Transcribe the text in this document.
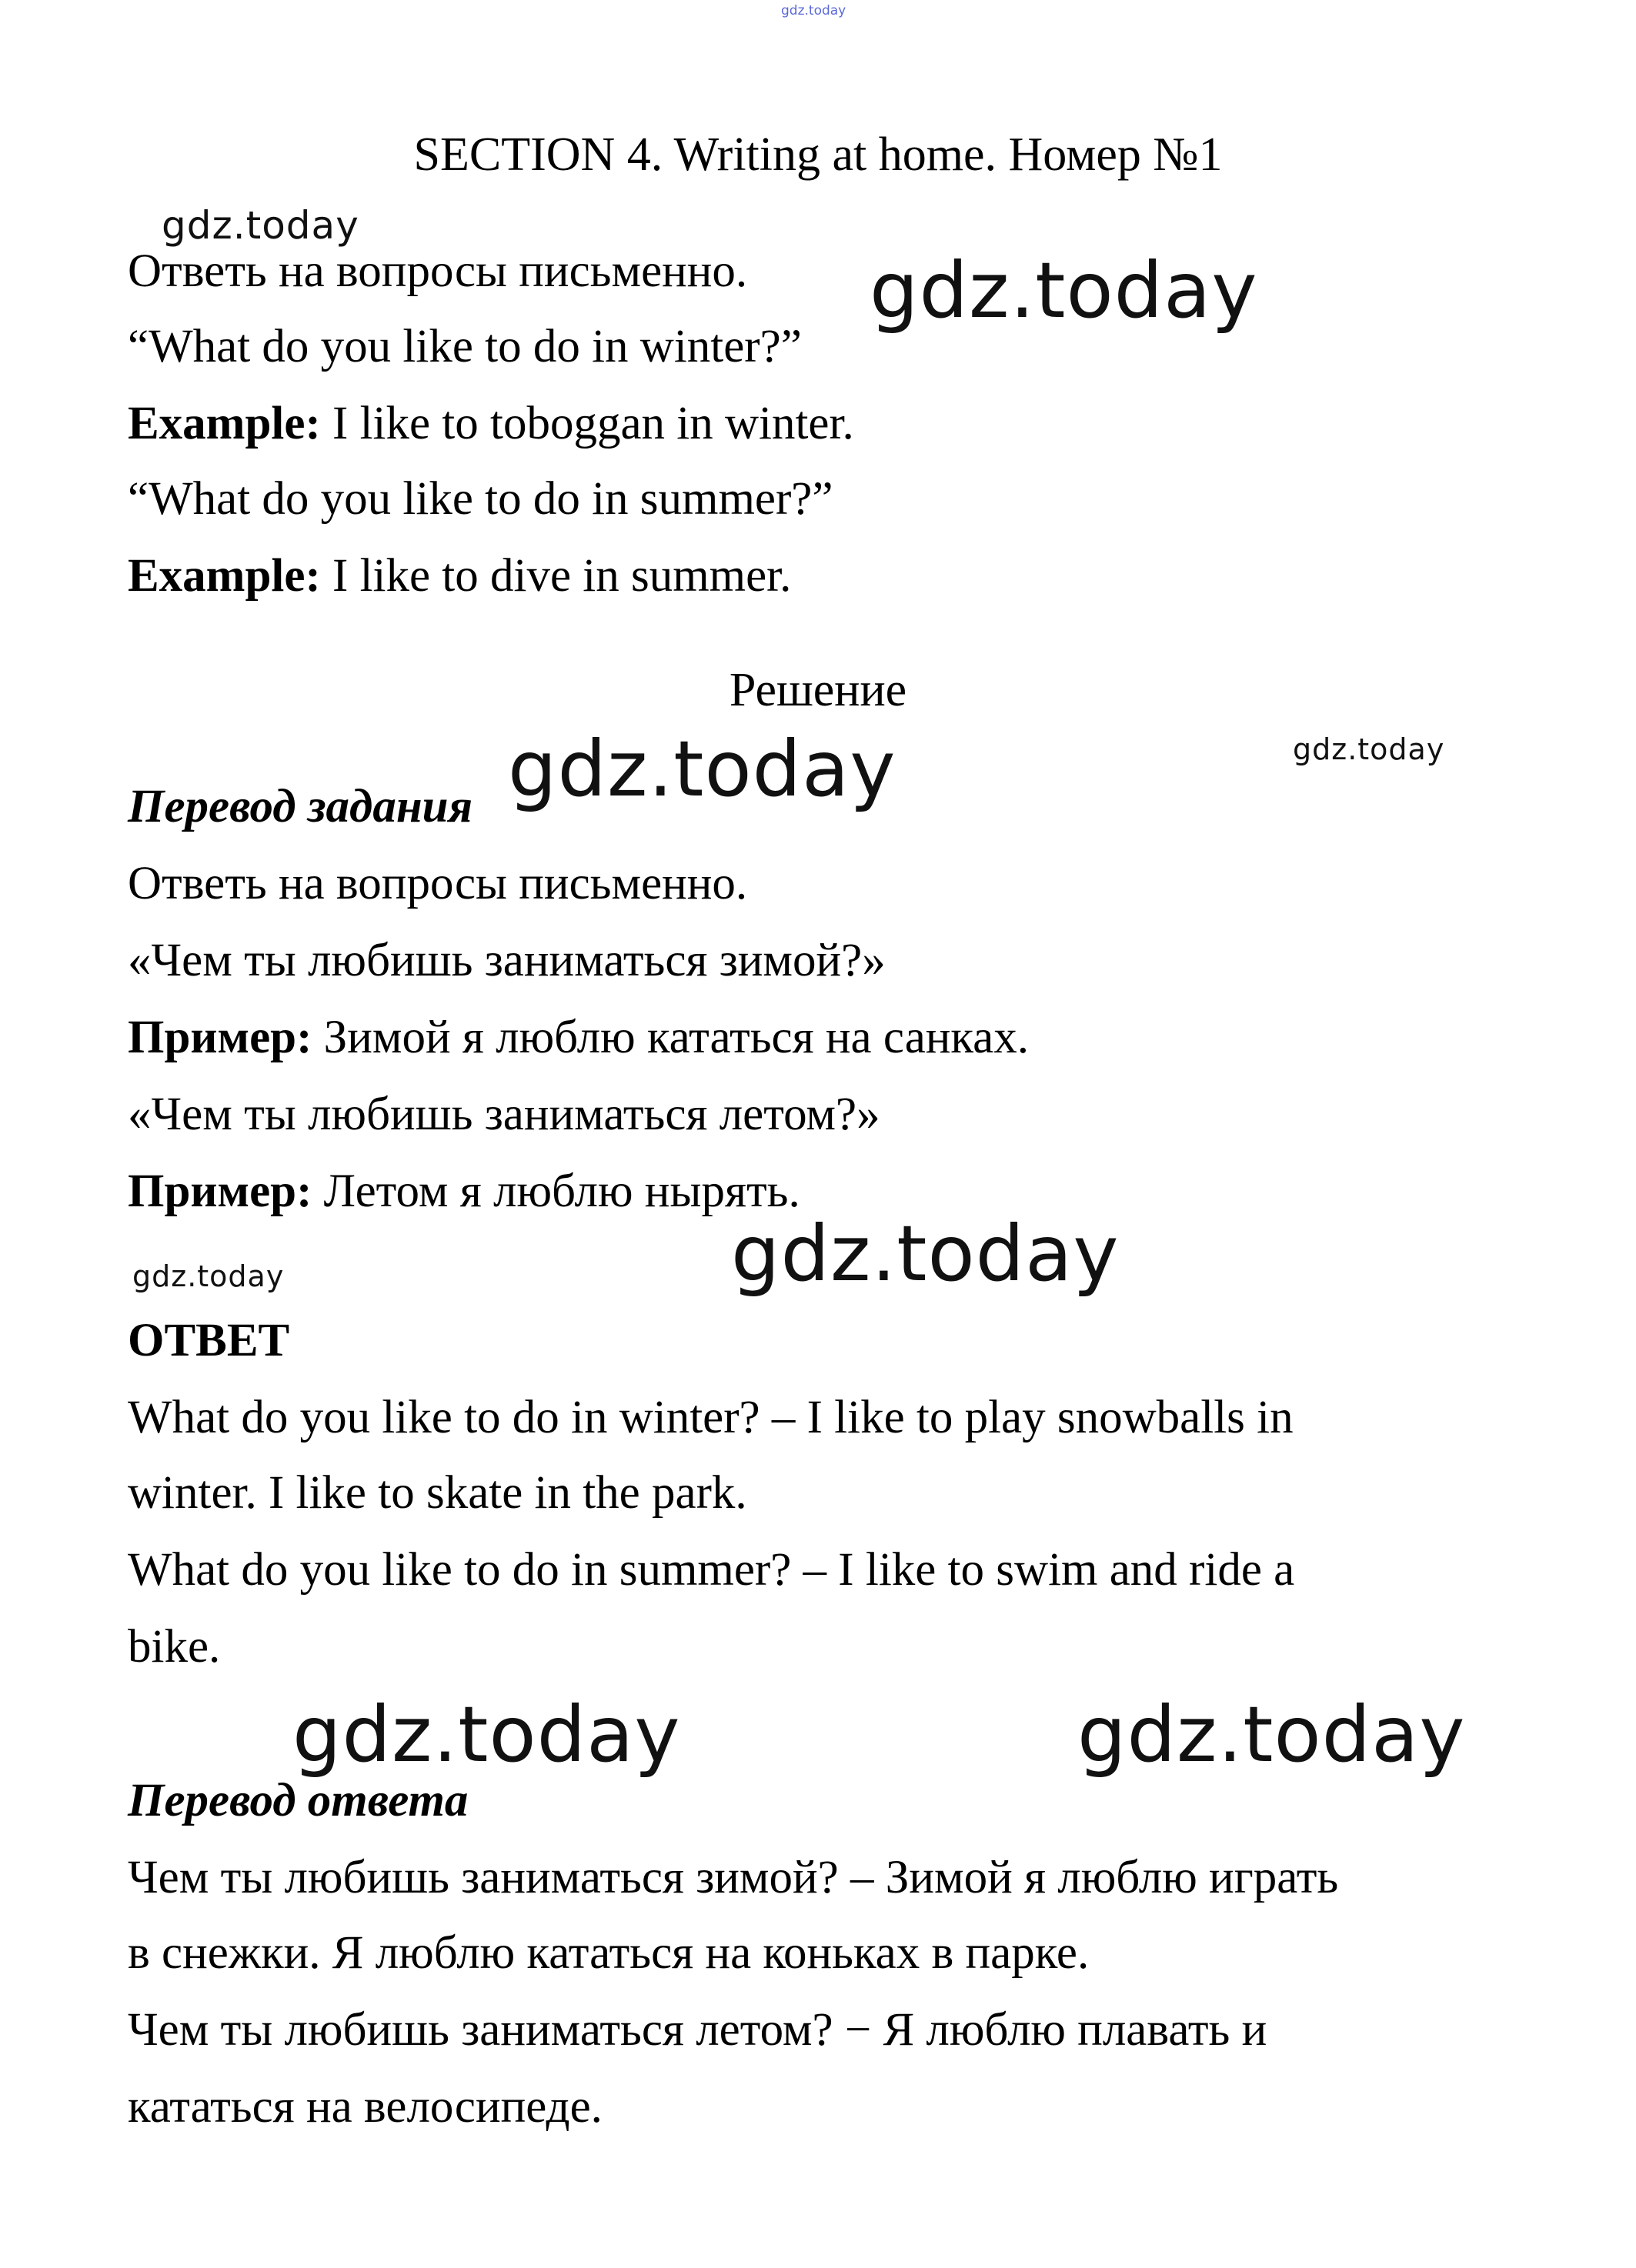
gdz.today
SECTION 4. Writing at home. Номер №1
Ответь на вопросы письменно.
“What do you like to do in winter?”
Example: I like to toboggan in winter.
“What do you like to do in summer?”
Example: I like to dive in summer.
Решение
Перевод задания
Ответь на вопросы письменно.
«Чем ты любишь заниматься зимой?»
Пример: Зимой я люблю кататься на санках.
«Чем ты любишь заниматься летом?»
Пример: Летом я люблю нырять.
ОТВЕТ
What do you like to do in winter? – I like to play snowballs in
winter. I like to skate in the park.
What do you like to do in summer? – I like to swim and ride a
bike.
Перевод ответа
Чем ты любишь заниматься зимой? – Зимой я люблю играть
в снежки. Я люблю кататься на коньках в парке.
Чем ты любишь заниматься летом? − Я люблю плавать и
кататься на велосипеде.
gdz.today
gdz.today
gdz.today	gdz.today
gdz.today	gdz.today
gdz.today	gdz.today
